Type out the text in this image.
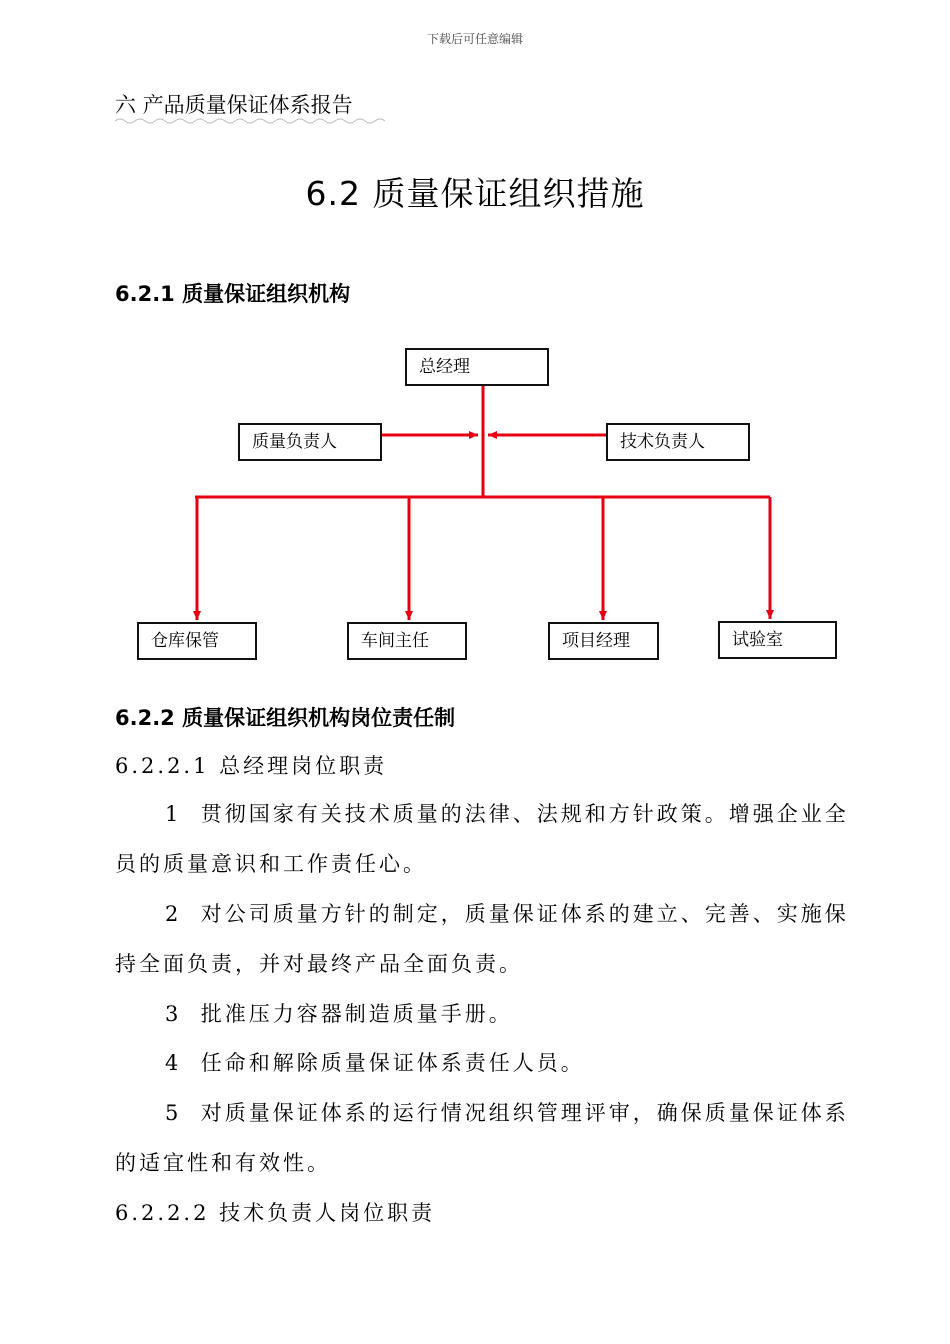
下载后可任意编辑
六 产品质量保证体系报告
6.2 质量保证组织措施
6.2.1 质量保证组织机构
总经理
质量负责人	技术负责人
仓库保管	车间主任	项目经理	试验室
6.2.2 质量保证组织机构岗位责任制
6.2.2.1 总经理岗位职责
1 贯彻国家有关技术质量的法律、法规和方针政策。增强企业全员的质量意识和工作责任心。
2 对公司质量方针的制定，质量保证体系的建立、完善、实施保持全面负责，并对最终产品全面负责。
3 批准压力容器制造质量手册。
4 任命和解除质量保证体系责任人员。
5 对质量保证体系的运行情况组织管理评审，确保质量保证体系的适宜性和有效性。
6.2.2.2 技术负责人岗位职责
